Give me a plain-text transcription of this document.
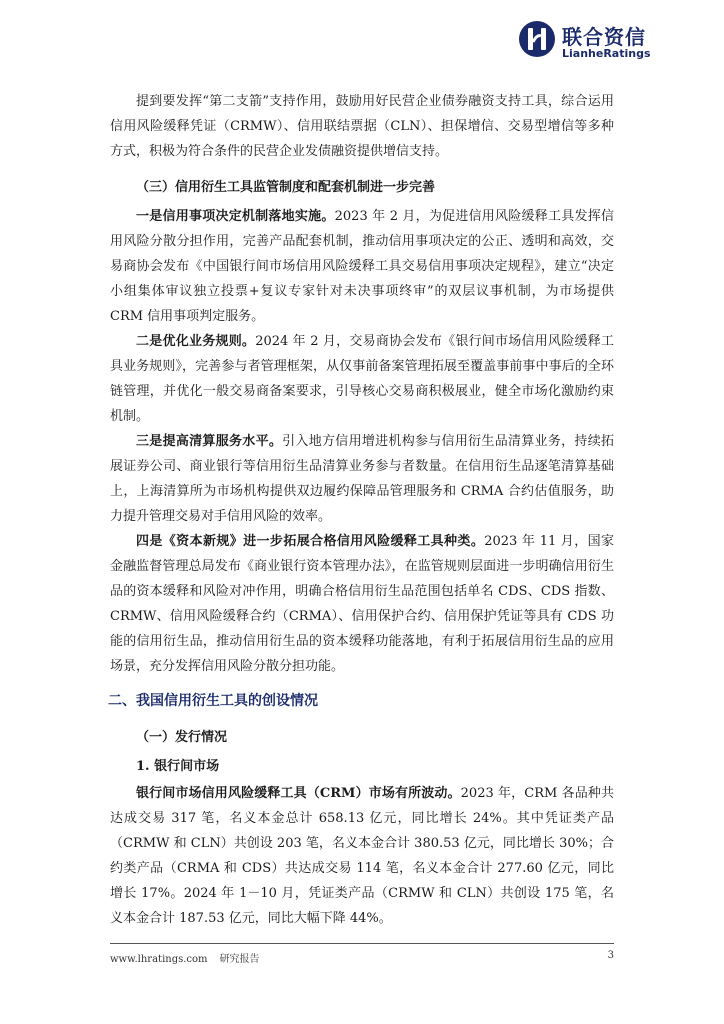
联合资信
LianheRatings

提到要发挥“第二支箭”支持作用，鼓励用好民营企业债券融资支持工具，综合运用信用风险缓释凭证（CRMW）、信用联结票据（CLN）、担保增信、交易型增信等多种方式，积极为符合条件的民营企业发债融资提供增信支持。

（三）信用衍生工具监管制度和配套机制进一步完善

一是信用事项决定机制落地实施。2023 年 2 月，为促进信用风险缓释工具发挥信用风险分散分担作用，完善产品配套机制，推动信用事项决定的公正、透明和高效，交易商协会发布《中国银行间市场信用风险缓释工具交易信用事项决定规程》，建立“决定小组集体审议独立投票+复议专家针对未决事项终审”的双层议事机制，为市场提供 CRM 信用事项判定服务。

二是优化业务规则。2024 年 2 月，交易商协会发布《银行间市场信用风险缓释工具业务规则》，完善参与者管理框架，从仅事前备案管理拓展至覆盖事前事中事后的全环链管理，并优化一般交易商备案要求，引导核心交易商积极展业，健全市场化激励约束机制。

三是提高清算服务水平。引入地方信用增进机构参与信用衍生品清算业务，持续拓展证券公司、商业银行等信用衍生品清算业务参与者数量。在信用衍生品逐笔清算基础上，上海清算所为市场机构提供双边履约保障品管理服务和 CRMA 合约估值服务，助力提升管理交易对手信用风险的效率。

四是《资本新规》进一步拓展合格信用风险缓释工具种类。2023 年 11 月，国家金融监督管理总局发布《商业银行资本管理办法》，在监管规则层面进一步明确信用衍生品的资本缓释和风险对冲作用，明确合格信用衍生品范围包括单名 CDS、CDS 指数、CRMW、信用风险缓释合约（CRMA）、信用保护合约、信用保护凭证等具有 CDS 功能的信用衍生品，推动信用衍生品的资本缓释功能落地，有利于拓展信用衍生品的应用场景，充分发挥信用风险分散分担功能。

二、我国信用衍生工具的创设情况
（一）发行情况
1. 银行间市场

银行间市场信用风险缓释工具（CRM）市场有所波动。2023 年，CRM 各品种共达成交易 317 笔，名义本金总计 658.13 亿元，同比增长 24%。其中凭证类产品（CRMW 和 CLN）共创设 203 笔，名义本金合计 380.53 亿元，同比增长 30%；合约类产品（CRMA 和 CDS）共达成交易 114 笔，名义本金合计 277.60 亿元，同比增长 17%。2024 年 1－10 月，凭证类产品（CRMW 和 CLN）共创设 175 笔，名义本金合计 187.53 亿元，同比大幅下降 44%。

www.lhratings.com 研究报告	3
